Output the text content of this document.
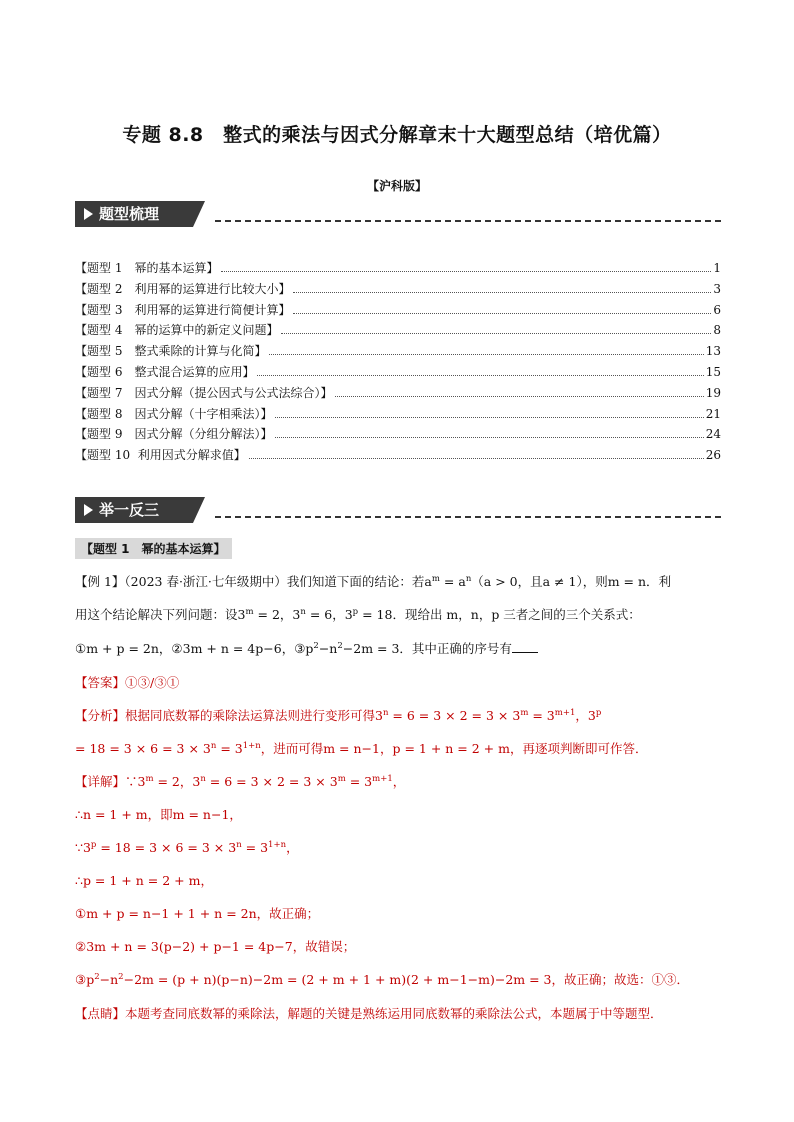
专题 8.8　整式的乘法与因式分解章末十大题型总结（培优篇）
【沪科版】
题型梳理
【题型 1　幂的基本运算】	1
【题型 2　利用幂的运算进行比较大小】	3
【题型 3　利用幂的运算进行简便计算】	6
【题型 4　幂的运算中的新定义问题】	8
【题型 5　整式乘除的计算与化简】	13
【题型 6　整式混合运算的应用】	15
【题型 7　因式分解（提公因式与公式法综合）】	19
【题型 8　因式分解（十字相乘法）】	21
【题型 9　因式分解（分组分解法）】	24
【题型 10  利用因式分解求值】	26
举一反三
【题型 1　幂的基本运算】
【例 1】（2023 春·浙江·七年级期中）我们知道下面的结论：若$a^m = a^n(a > 0$，且a ≠ 1），则m = n．利
用这个结论解决下列问题：设$3^m = 2$，$3^n = 6$，$3^p = 18$．现给出 m，n，p 三者之间的三个关系式：
①m + p = 2n，②3m + n = 4p−6，$③p^2-n^2-2m = 3$．其中正确的序号有
【答案】①③/③①
【分析】根据同底数幂的乘除法运算法则进行变形可得$3^n = 6 = 3 \times 2 = 3 \times 3^m = 3^{m+1}$，$3^p$
= $18 = 3 \times 6 = 3 \times 3^n = 3^{1+n}$，进而可得m = n−1，p = 1 + n = 2 + m，再逐项判断即可作答．
【详解】$\because 3^m = 2$，$3^n = 6 = 3 \times 2 = 3 \times 3^m = 3^{m+1}$，
∴n = 1 + m，即m = n−1，
$\because 3^p = 18 = 3 \times 6 = 3 \times 3^n = 3^{1+n}$，
∴p = 1 + n = 2 + m，
①m + p = n−1 + 1 + n = 2n，故正确；
②3m + n = 3(p−2) + p−1 = 4p−7，故错误；
$③p^2-n^2-2m = (p + n)(p-n)-2m = (2 + m + 1 + m)(2 + m-1-m)-2m = 3$，故正确；故选：①③．
【点睛】本题考查同底数幂的乘除法，解题的关键是熟练运用同底数幂的乘除法公式，本题属于中等题型．
